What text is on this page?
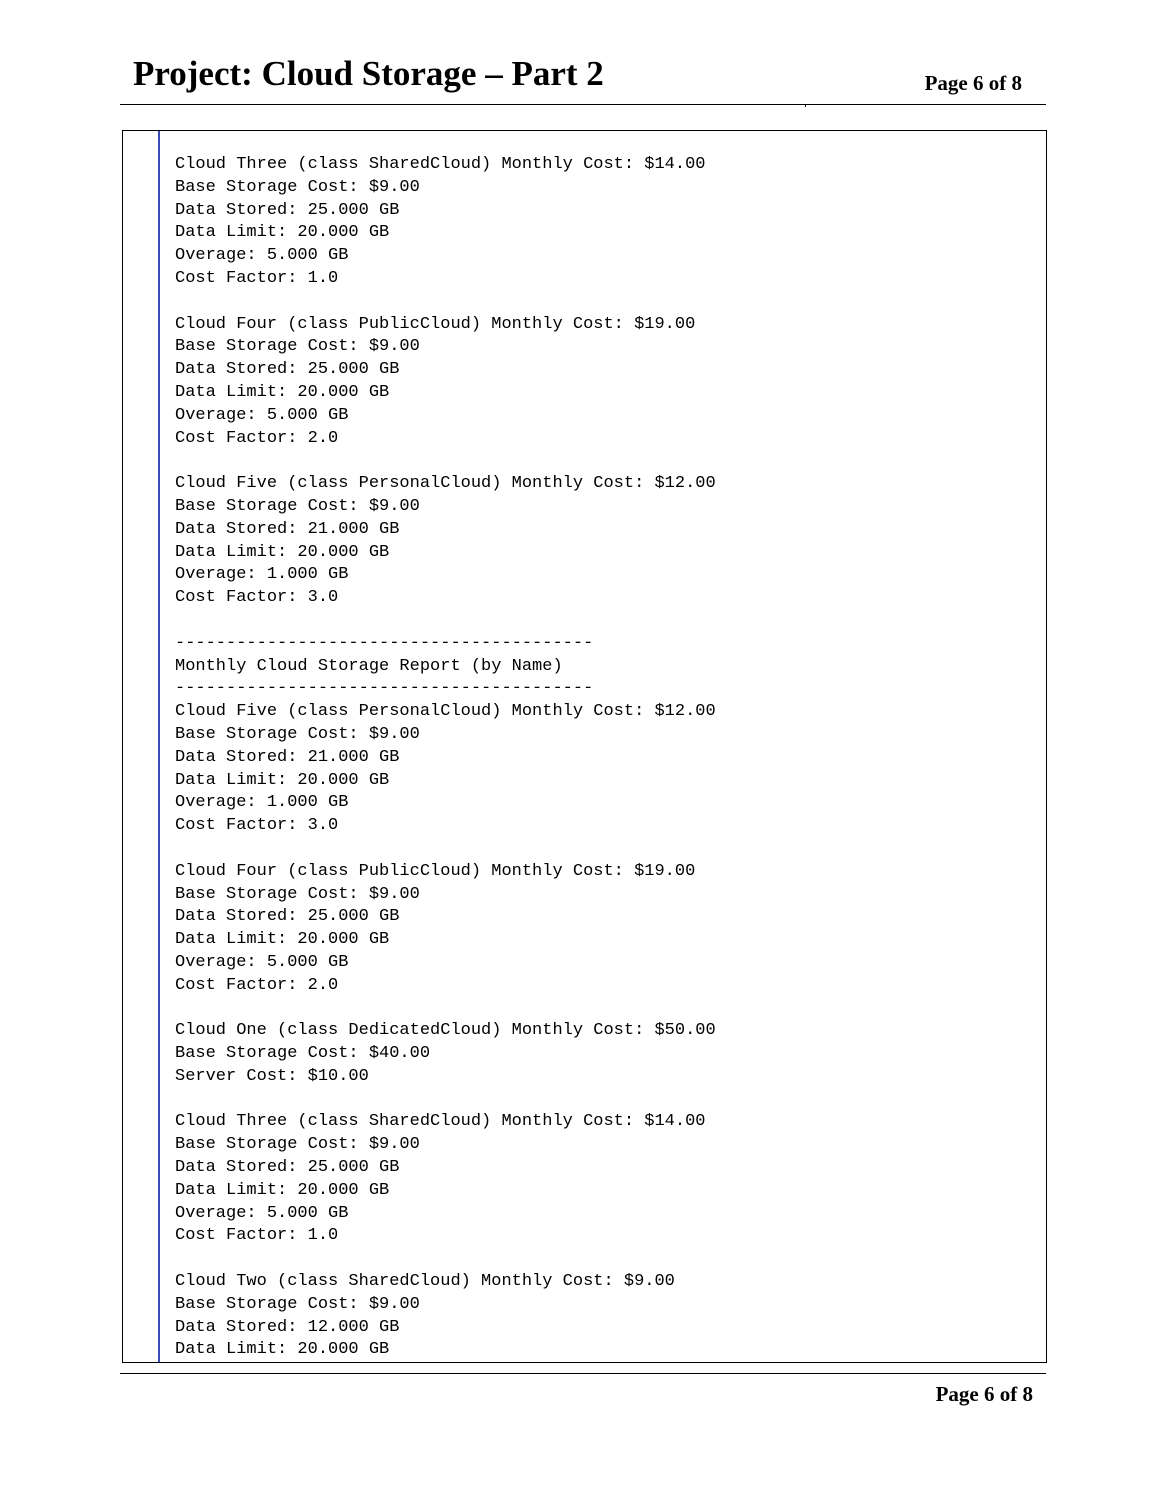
Project: Cloud Storage – Part 2	Page 6 of 8
Cloud Three (class SharedCloud) Monthly Cost: $14.00
Base Storage Cost: $9.00
Data Stored: 25.000 GB
Data Limit: 20.000 GB
Overage: 5.000 GB
Cost Factor: 1.0
Cloud Four (class PublicCloud) Monthly Cost: $19.00
Base Storage Cost: $9.00
Data Stored: 25.000 GB
Data Limit: 20.000 GB
Overage: 5.000 GB
Cost Factor: 2.0
Cloud Five (class PersonalCloud) Monthly Cost: $12.00
Base Storage Cost: $9.00
Data Stored: 21.000 GB
Data Limit: 20.000 GB
Overage: 1.000 GB
Cost Factor: 3.0
-----------------------------------------
Monthly Cloud Storage Report (by Name)
-----------------------------------------
Cloud Five (class PersonalCloud) Monthly Cost: $12.00
Base Storage Cost: $9.00
Data Stored: 21.000 GB
Data Limit: 20.000 GB
Overage: 1.000 GB
Cost Factor: 3.0
Cloud Four (class PublicCloud) Monthly Cost: $19.00
Base Storage Cost: $9.00
Data Stored: 25.000 GB
Data Limit: 20.000 GB
Overage: 5.000 GB
Cost Factor: 2.0
Cloud One (class DedicatedCloud) Monthly Cost: $50.00
Base Storage Cost: $40.00
Server Cost: $10.00
Cloud Three (class SharedCloud) Monthly Cost: $14.00
Base Storage Cost: $9.00
Data Stored: 25.000 GB
Data Limit: 20.000 GB
Overage: 5.000 GB
Cost Factor: 1.0
Cloud Two (class SharedCloud) Monthly Cost: $9.00
Base Storage Cost: $9.00
Data Stored: 12.000 GB
Data Limit: 20.000 GB
Page 6 of 8
